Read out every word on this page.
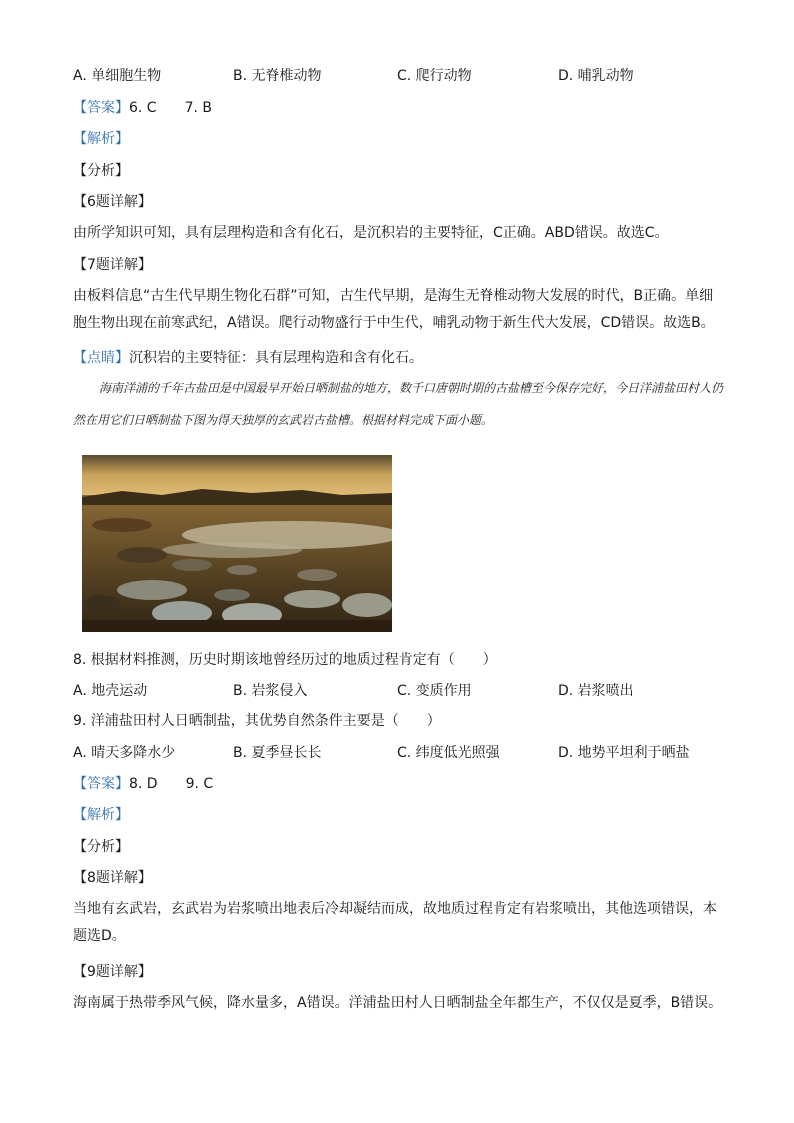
A. 单细胞生物	B. 无脊椎动物	C. 爬行动物	D. 哺乳动物
【答案】6. C　　7. B
【解析】
【分析】
【6题详解】
由所学知识可知，具有层理构造和含有化石，是沉积岩的主要特征，C正确。ABD错误。故选C。
【7题详解】
由板料信息“古生代早期生物化石群”可知，古生代早期，是海生无脊椎动物大发展的时代，B正确。单细胞生物出现在前寒武纪，A错误。爬行动物盛行于中生代，哺乳动物于新生代大发展，CD错误。故选B。
【点睛】沉积岩的主要特征：具有层理构造和含有化石。
海南洋浦的千年古盐田是中国最早开始日晒制盐的地方，数千口唐朝时期的古盐槽至今保存完好，今日洋浦盐田村人仍然在用它们日晒制盐下图为得天独厚的玄武岩古盐槽。根据材料完成下面小题。
8. 根据材料推测，历史时期该地曾经历过的地质过程肯定有（　　）
A. 地壳运动	B. 岩浆侵入	C. 变质作用	D. 岩浆喷出
9. 洋浦盐田村人日晒制盐，其优势自然条件主要是（　　）
A. 晴天多降水少	B. 夏季昼长长	C. 纬度低光照强	D. 地势平坦利于晒盐
【答案】8. D　　9. C
【解析】
【分析】
【8题详解】
当地有玄武岩，玄武岩为岩浆喷出地表后冷却凝结而成，故地质过程肯定有岩浆喷出，其他选项错误，本题选D。
【9题详解】
海南属于热带季风气候，降水量多，A错误。洋浦盐田村人日晒制盐全年都生产，不仅仅是夏季，B错误。
